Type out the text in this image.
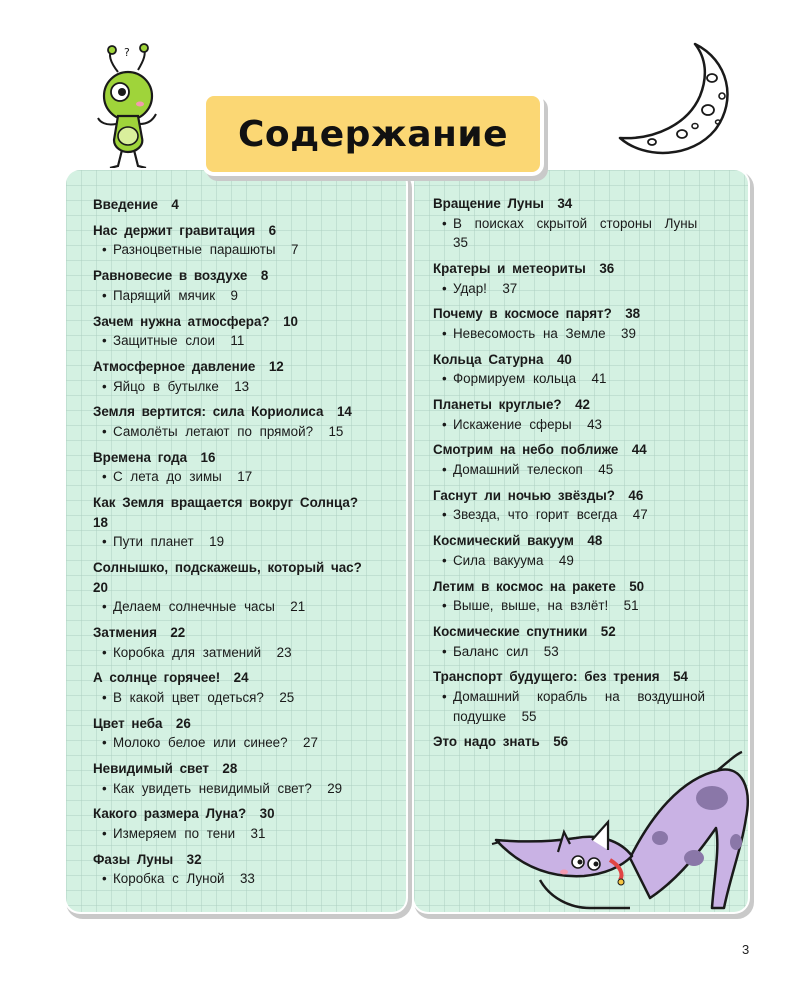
?
Содержание
Введение 4
Нас держит гравитация 6
• Разноцветные парашюты 7
Равновесие в воздухе 8
• Парящий мячик 9
Зачем нужна атмосфера? 10
• Защитные слои 11
Атмосферное давление 12
• Яйцо в бутылке 13
Земля вертится: сила Кориолиса 14
• Самолёты летают по прямой? 15
Времена года 16
• С лета до зимы 17
Как Земля вращается вокруг Солнца?  18
• Пути планет 19
Солнышко, подскажешь, который час?  20
• Делаем солнечные часы 21
Затмения 22
• Коробка для затмений 23
А солнце горячее! 24
• В какой цвет одеться? 25
Цвет неба 26
• Молоко белое или синее? 27
Невидимый свет 28
• Как увидеть невидимый свет? 29
Какого размера Луна? 30
• Измеряем по тени 31
Фазы Луны 32
• Коробка с Луной 33
Вращение Луны 34
• В поисках скрытой стороны Луны  35
Кратеры и метеориты 36
• Удар! 37
Почему в космосе парят? 38
• Невесомость на Земле 39
Кольца Сатурна 40
• Формируем кольца 41
Планеты круглые? 42
• Искажение сферы 43
Смотрим на небо поближе 44
• Домашний телескоп 45
Гаснут ли ночью звёзды? 46
• Звезда, что горит всегда 47
Космический вакуум 48
• Сила вакуума 49
Летим в космос на ракете 50
• Выше, выше, на взлёт! 51
Космические спутники 52
• Баланс сил 53
Транспорт будущего: без трения 54
• Домашний корабль на воздушной подушке 55
Это надо знать 56
3
